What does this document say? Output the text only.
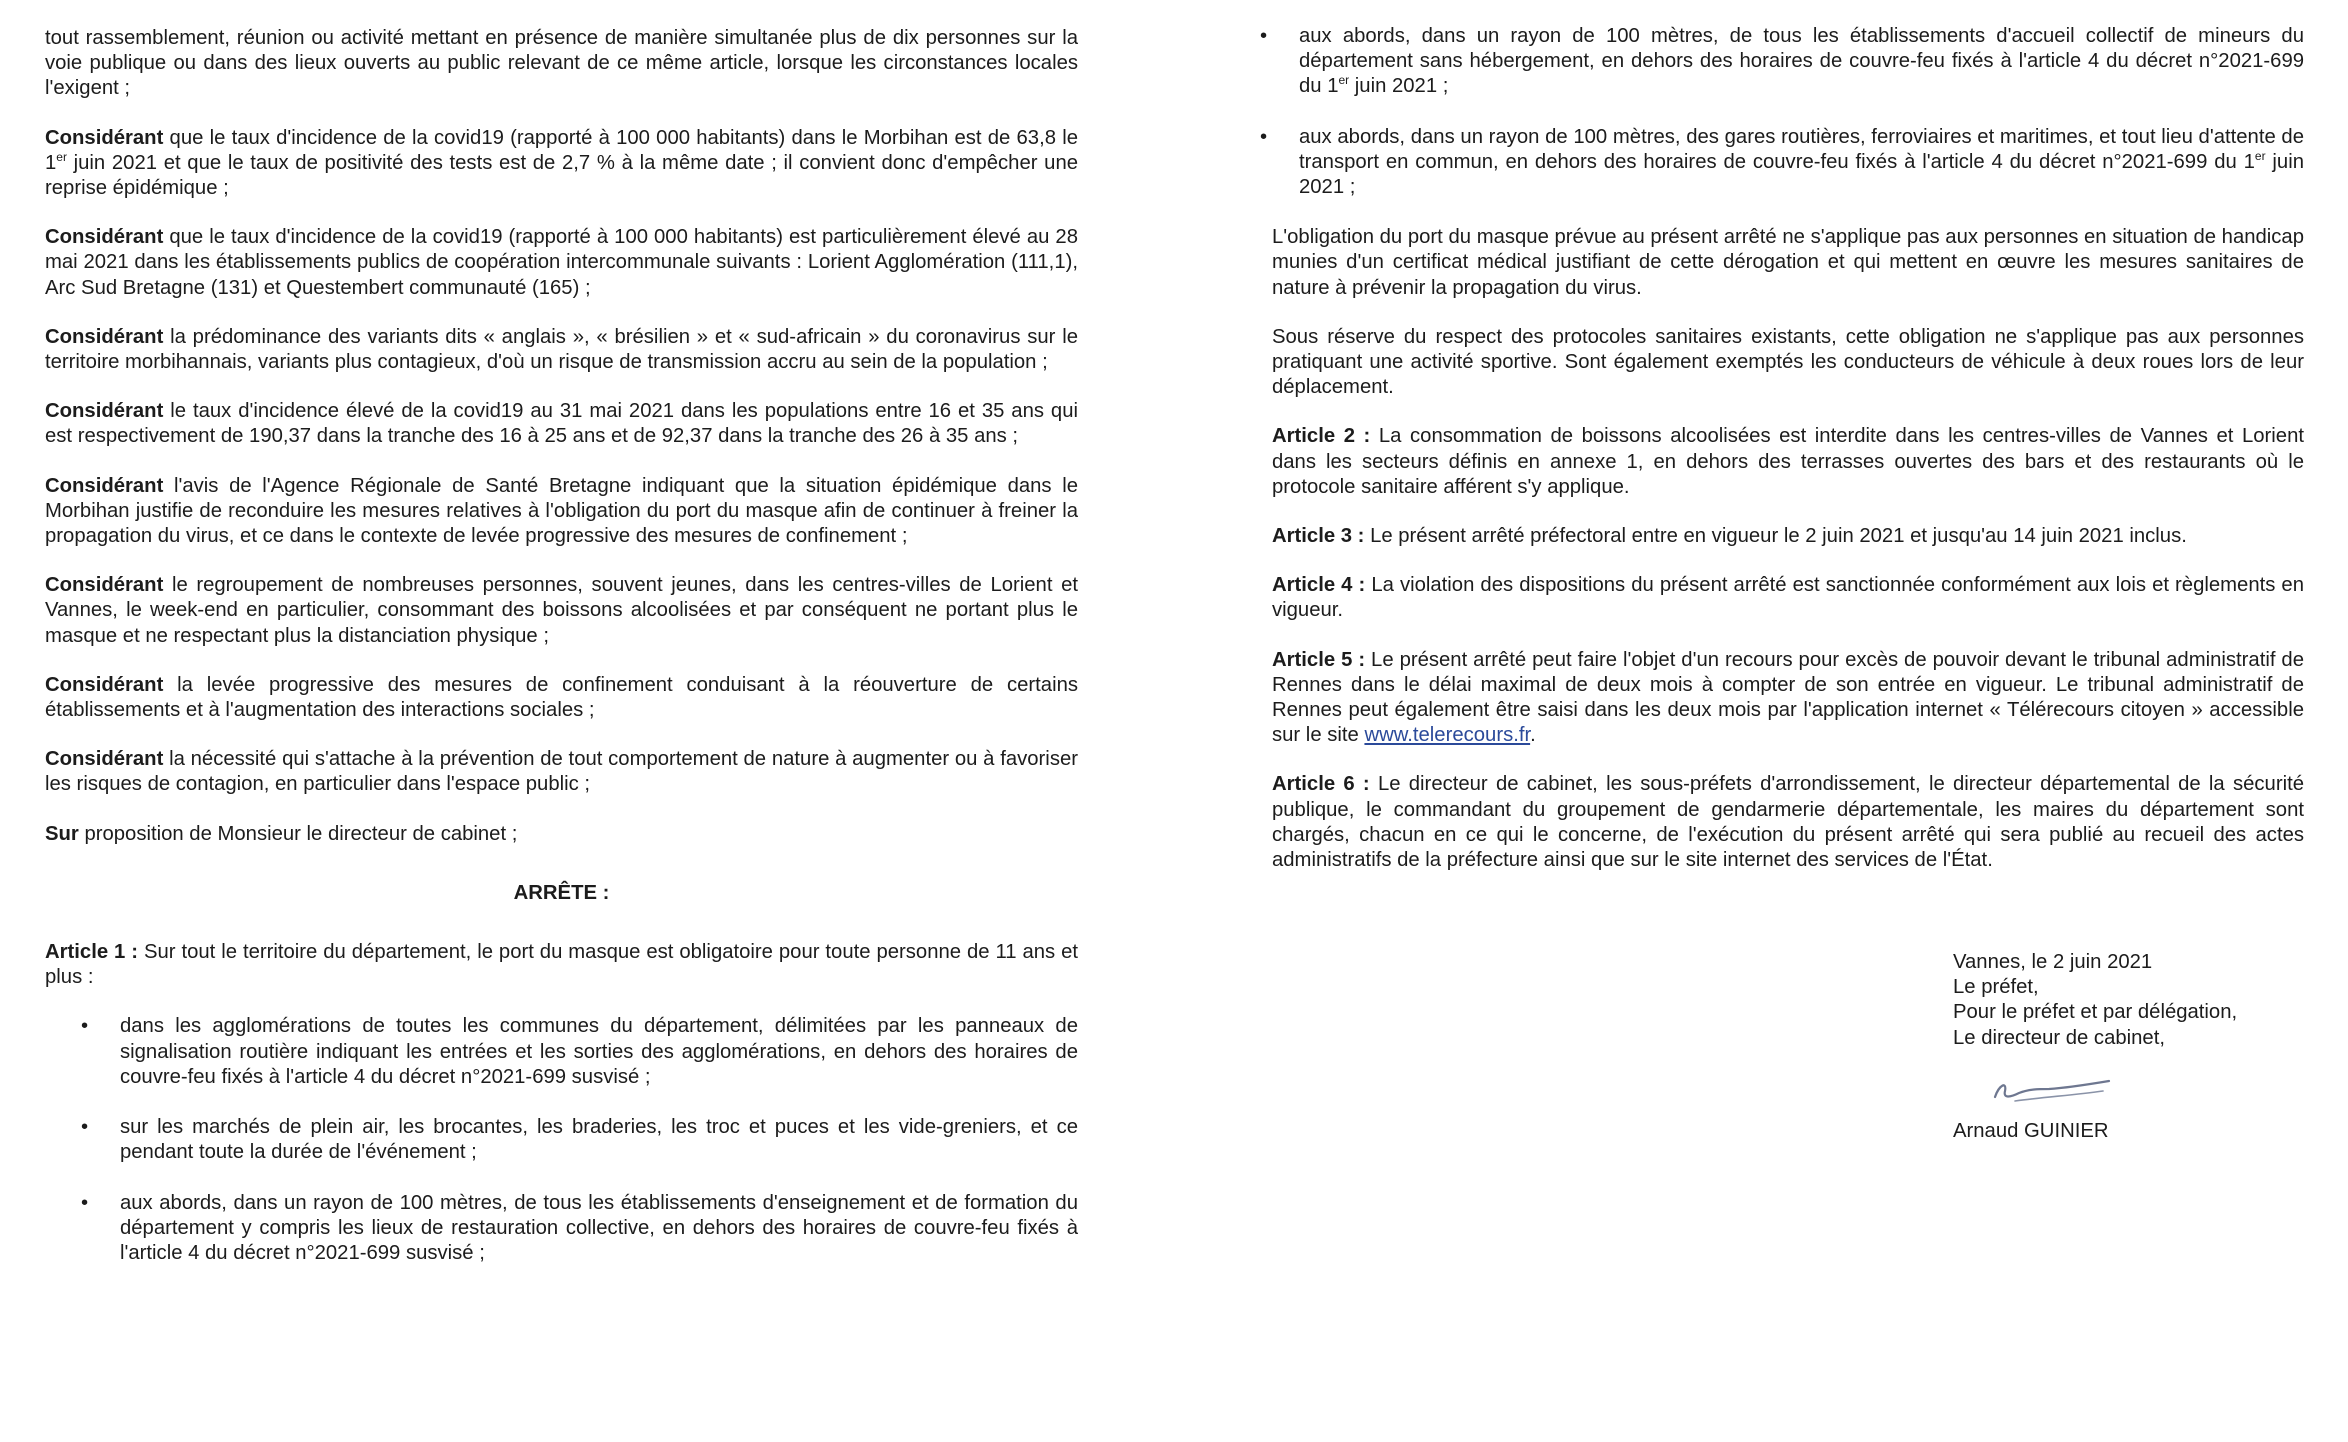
tout rassemblement, réunion ou activité mettant en présence de manière simultanée plus de dix personnes sur la voie publique ou dans des lieux ouverts au public relevant de ce même article, lorsque les circonstances locales l'exigent ;

Considérant que le taux d'incidence de la covid19 (rapporté à 100 000 habitants) dans le Morbihan est de 63,8 le 1er juin 2021 et que le taux de positivité des tests est de 2,7 % à la même date ; il convient donc d'empêcher une reprise épidémique ;

Considérant que le taux d'incidence de la covid19 (rapporté à 100 000 habitants) est particulièrement élevé au 28 mai 2021 dans les établissements publics de coopération intercommunale suivants : Lorient Agglomération (111,1), Arc Sud Bretagne (131) et Questembert communauté (165) ;

Considérant la prédominance des variants dits « anglais », « brésilien » et « sud-africain » du coronavirus sur le territoire morbihannais, variants plus contagieux, d'où un risque de transmission accru au sein de la population ;

Considérant le taux d'incidence élevé de la covid19 au 31 mai 2021 dans les populations entre 16 et 35 ans qui est respectivement de 190,37 dans la tranche des 16 à 25 ans et de 92,37 dans la tranche des 26 à 35 ans ;

Considérant l'avis de l'Agence Régionale de Santé Bretagne indiquant que la situation épidémique dans le Morbihan justifie de reconduire les mesures relatives à l'obligation du port du masque afin de continuer à freiner la propagation du virus, et ce dans le contexte de levée progressive des mesures de confinement ;

Considérant le regroupement de nombreuses personnes, souvent jeunes, dans les centres-villes de Lorient et Vannes, le week-end en particulier, consommant des boissons alcoolisées et par conséquent ne portant plus le masque et ne respectant plus la distanciation physique ;

Considérant la levée progressive des mesures de confinement conduisant à la réouverture de certains établissements et à l'augmentation des interactions sociales ;

Considérant la nécessité qui s'attache à la prévention de tout comportement de nature à augmenter ou à favoriser les risques de contagion, en particulier dans l'espace public ;

Sur proposition de Monsieur le directeur de cabinet ;

ARRÊTE :

Article 1 : Sur tout le territoire du département, le port du masque est obligatoire pour toute personne de 11 ans et plus :

• dans les agglomérations de toutes les communes du département, délimitées par les panneaux de signalisation routière indiquant les entrées et les sorties des agglomérations, en dehors des horaires de couvre-feu fixés à l'article 4 du décret n°2021-699 susvisé ;
• sur les marchés de plein air, les brocantes, les braderies, les troc et puces et les vide-greniers, et ce pendant toute la durée de l'événement ;
• aux abords, dans un rayon de 100 mètres, de tous les établissements d'enseignement et de formation du département y compris les lieux de restauration collective, en dehors des horaires de couvre-feu fixés à l'article 4 du décret n°2021-699 susvisé ;
• aux abords, dans un rayon de 100 mètres, de tous les établissements d'accueil collectif de mineurs du département sans hébergement, en dehors des horaires de couvre-feu fixés à l'article 4 du décret n°2021-699 du 1er juin 2021 ;
• aux abords, dans un rayon de 100 mètres, des gares routières, ferroviaires et maritimes, et tout lieu d'attente de transport en commun, en dehors des horaires de couvre-feu fixés à l'article 4 du décret n°2021-699 du 1er juin 2021 ;

L'obligation du port du masque prévue au présent arrêté ne s'applique pas aux personnes en situation de handicap munies d'un certificat médical justifiant de cette dérogation et qui mettent en œuvre les mesures sanitaires de nature à prévenir la propagation du virus.

Sous réserve du respect des protocoles sanitaires existants, cette obligation ne s'applique pas aux personnes pratiquant une activité sportive. Sont également exemptés les conducteurs de véhicule à deux roues lors de leur déplacement.

Article 2 : La consommation de boissons alcoolisées est interdite dans les centres-villes de Vannes et Lorient dans les secteurs définis en annexe 1, en dehors des terrasses ouvertes des bars et des restaurants où le protocole sanitaire afférent s'y applique.

Article 3 : Le présent arrêté préfectoral entre en vigueur le 2 juin 2021 et jusqu'au 14 juin 2021 inclus.

Article 4 : La violation des dispositions du présent arrêté est sanctionnée conformément aux lois et règlements en vigueur.

Article 5 : Le présent arrêté peut faire l'objet d'un recours pour excès de pouvoir devant le tribunal administratif de Rennes dans le délai maximal de deux mois à compter de son entrée en vigueur. Le tribunal administratif de Rennes peut également être saisi dans les deux mois par l'application internet « Télérecours citoyen » accessible sur le site www.telerecours.fr.

Article 6 : Le directeur de cabinet, les sous-préfets d'arrondissement, le directeur départemental de la sécurité publique, le commandant du groupement de gendarmerie départementale, les maires du département sont chargés, chacun en ce qui le concerne, de l'exécution du présent arrêté qui sera publié au recueil des actes administratifs de la préfecture ainsi que sur le site internet des services de l'État.

Vannes, le 2 juin 2021
Le préfet,
Pour le préfet et par délégation,
Le directeur de cabinet,
Arnaud GUINIER
